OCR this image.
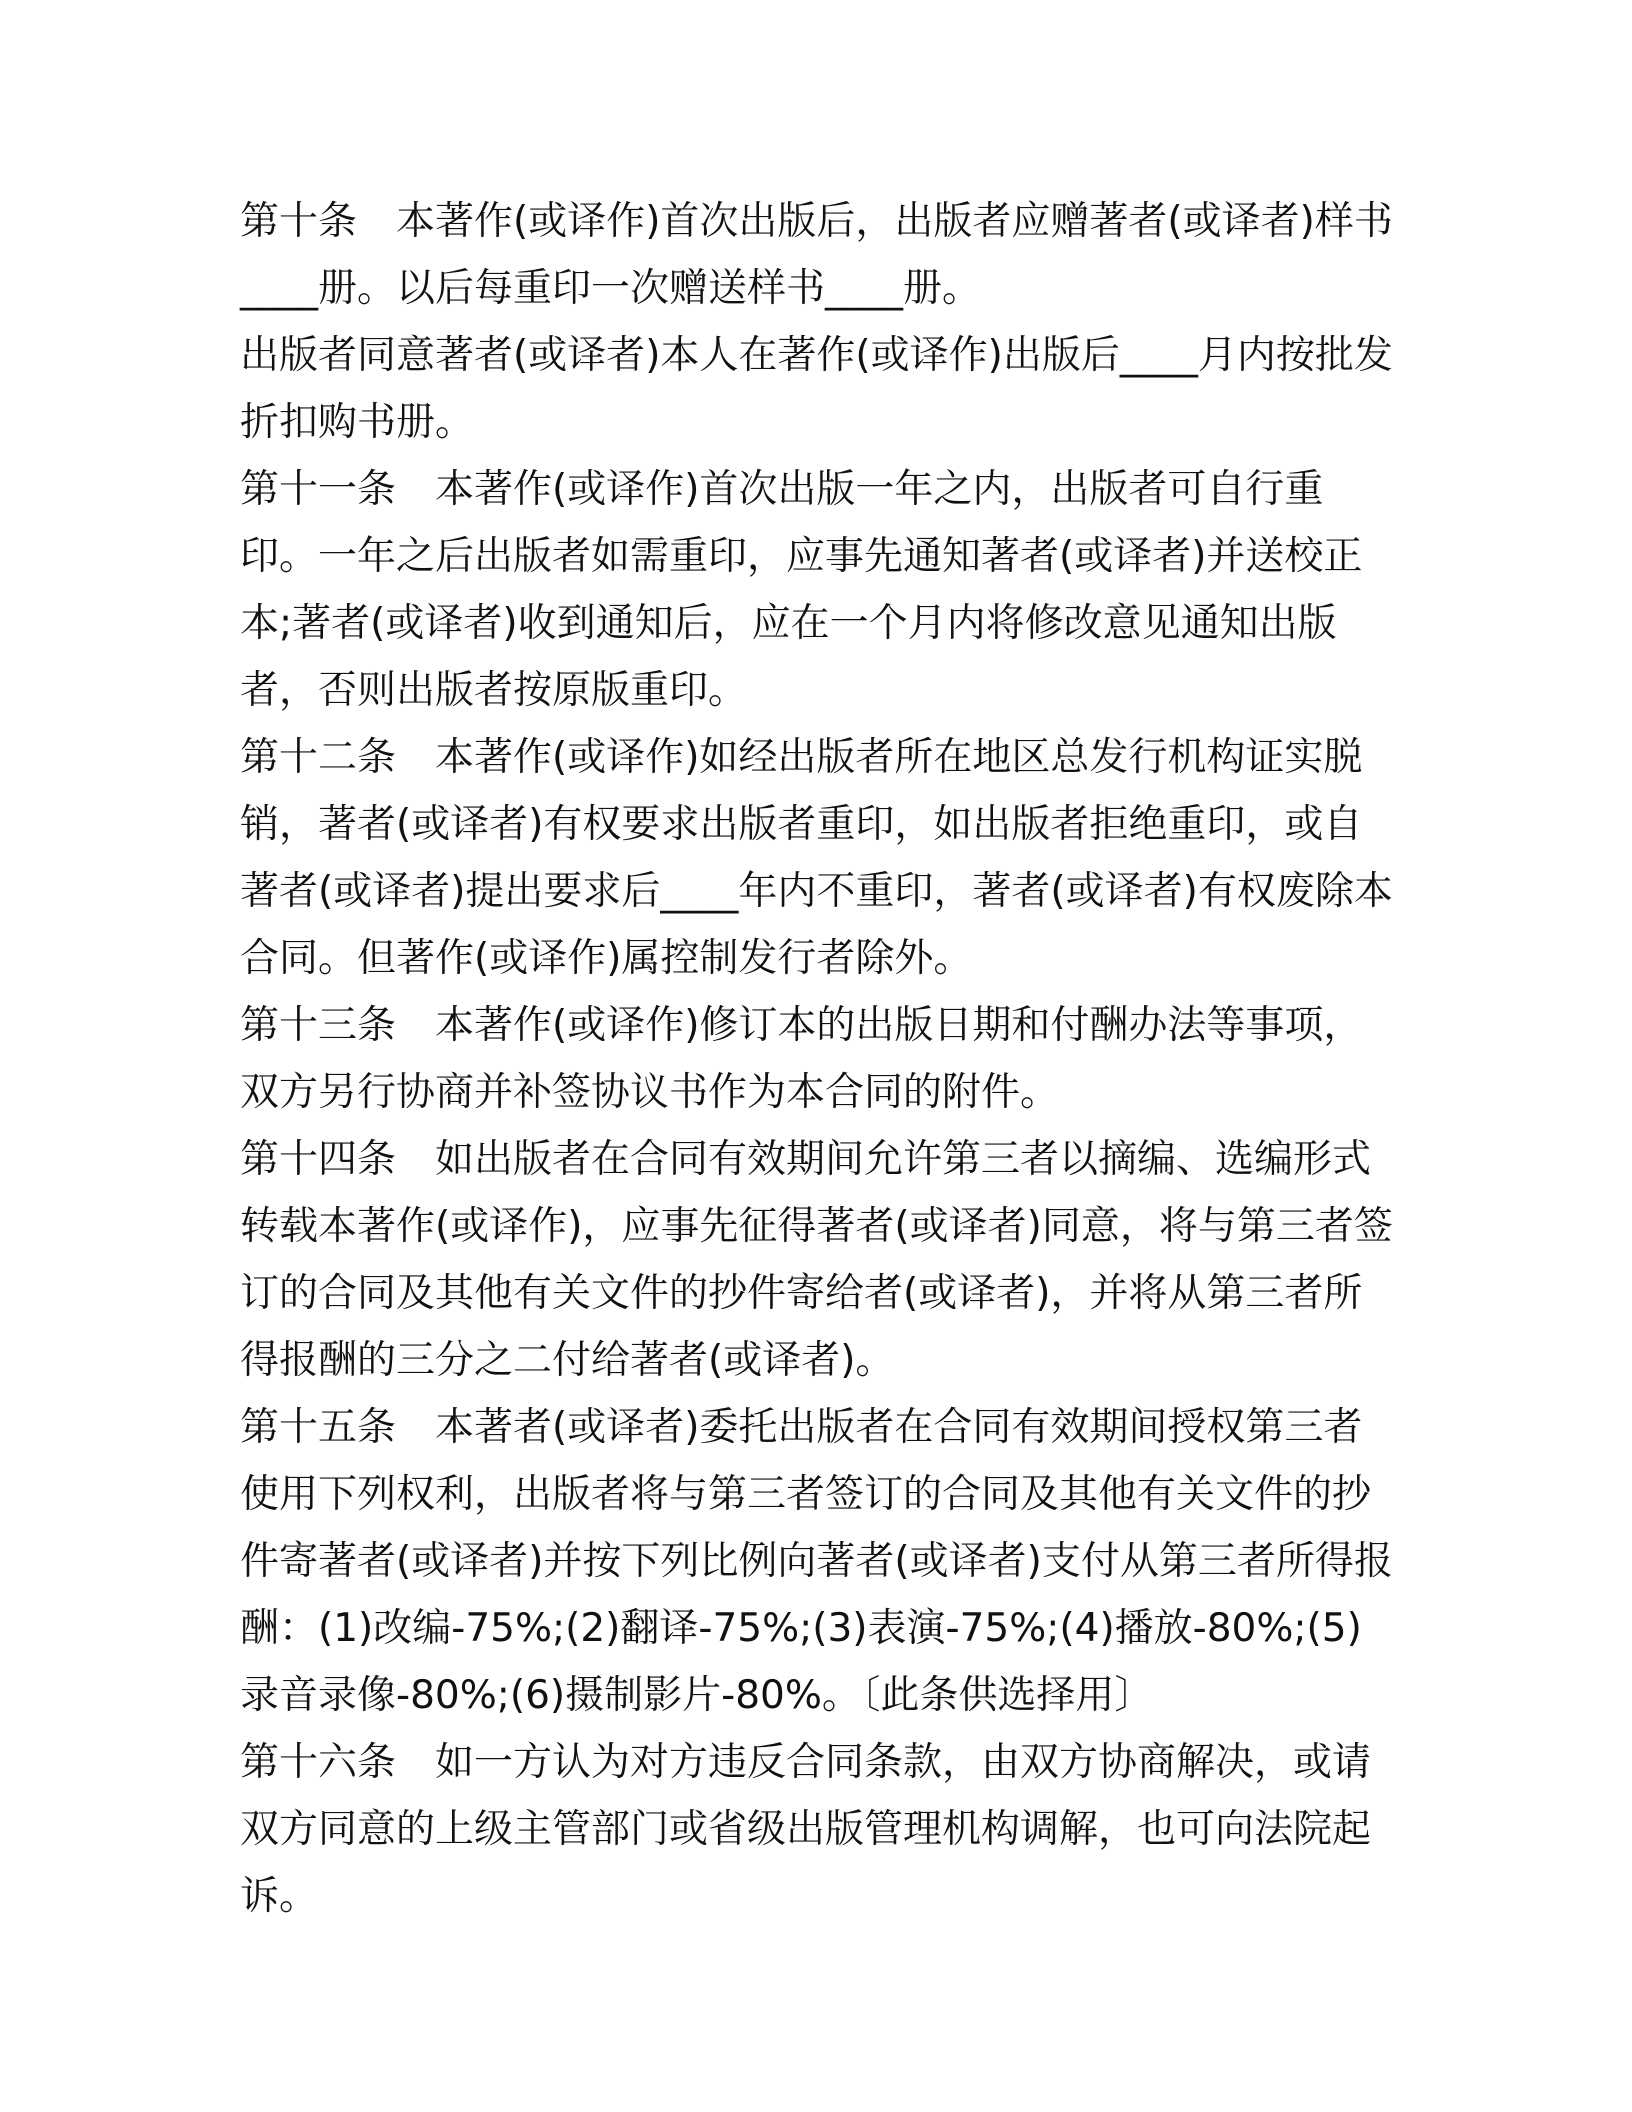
第十条　本著作(或译作)首次出版后，出版者应赠著者(或译者)样书____册。以后每重印一次赠送样书____册。

出版者同意著者(或译者)本人在著作(或译作)出版后____月内按批发折扣购书册。

第十一条　本著作(或译作)首次出版一年之内，出版者可自行重印。一年之后出版者如需重印，应事先通知著者(或译者)并送校正本;著者(或译者)收到通知后，应在一个月内将修改意见通知出版者，否则出版者按原版重印。

第十二条　本著作(或译作)如经出版者所在地区总发行机构证实脱销，著者(或译者)有权要求出版者重印，如出版者拒绝重印，或自著者(或译者)提出要求后____年内不重印，著者(或译者)有权废除本合同。但著作(或译作)属控制发行者除外。

第十三条　本著作(或译作)修订本的出版日期和付酬办法等事项，双方另行协商并补签协议书作为本合同的附件。

第十四条　如出版者在合同有效期间允许第三者以摘编、选编形式转载本著作(或译作)，应事先征得著者(或译者)同意，将与第三者签订的合同及其他有关文件的抄件寄给者(或译者)，并将从第三者所得报酬的三分之二付给著者(或译者)。

第十五条　本著者(或译者)委托出版者在合同有效期间授权第三者使用下列权利，出版者将与第三者签订的合同及其他有关文件的抄件寄著者(或译者)并按下列比例向著者(或译者)支付从第三者所得报酬：(1)改编-75%;(2)翻译-75%;(3)表演-75%;(4)播放-80%;(5)录音录像-80%;(6)摄制影片-80%。〔此条供选择用〕

第十六条　如一方认为对方违反合同条款，由双方协商解决，或请双方同意的上级主管部门或省级出版管理机构调解，也可向法院起诉。
